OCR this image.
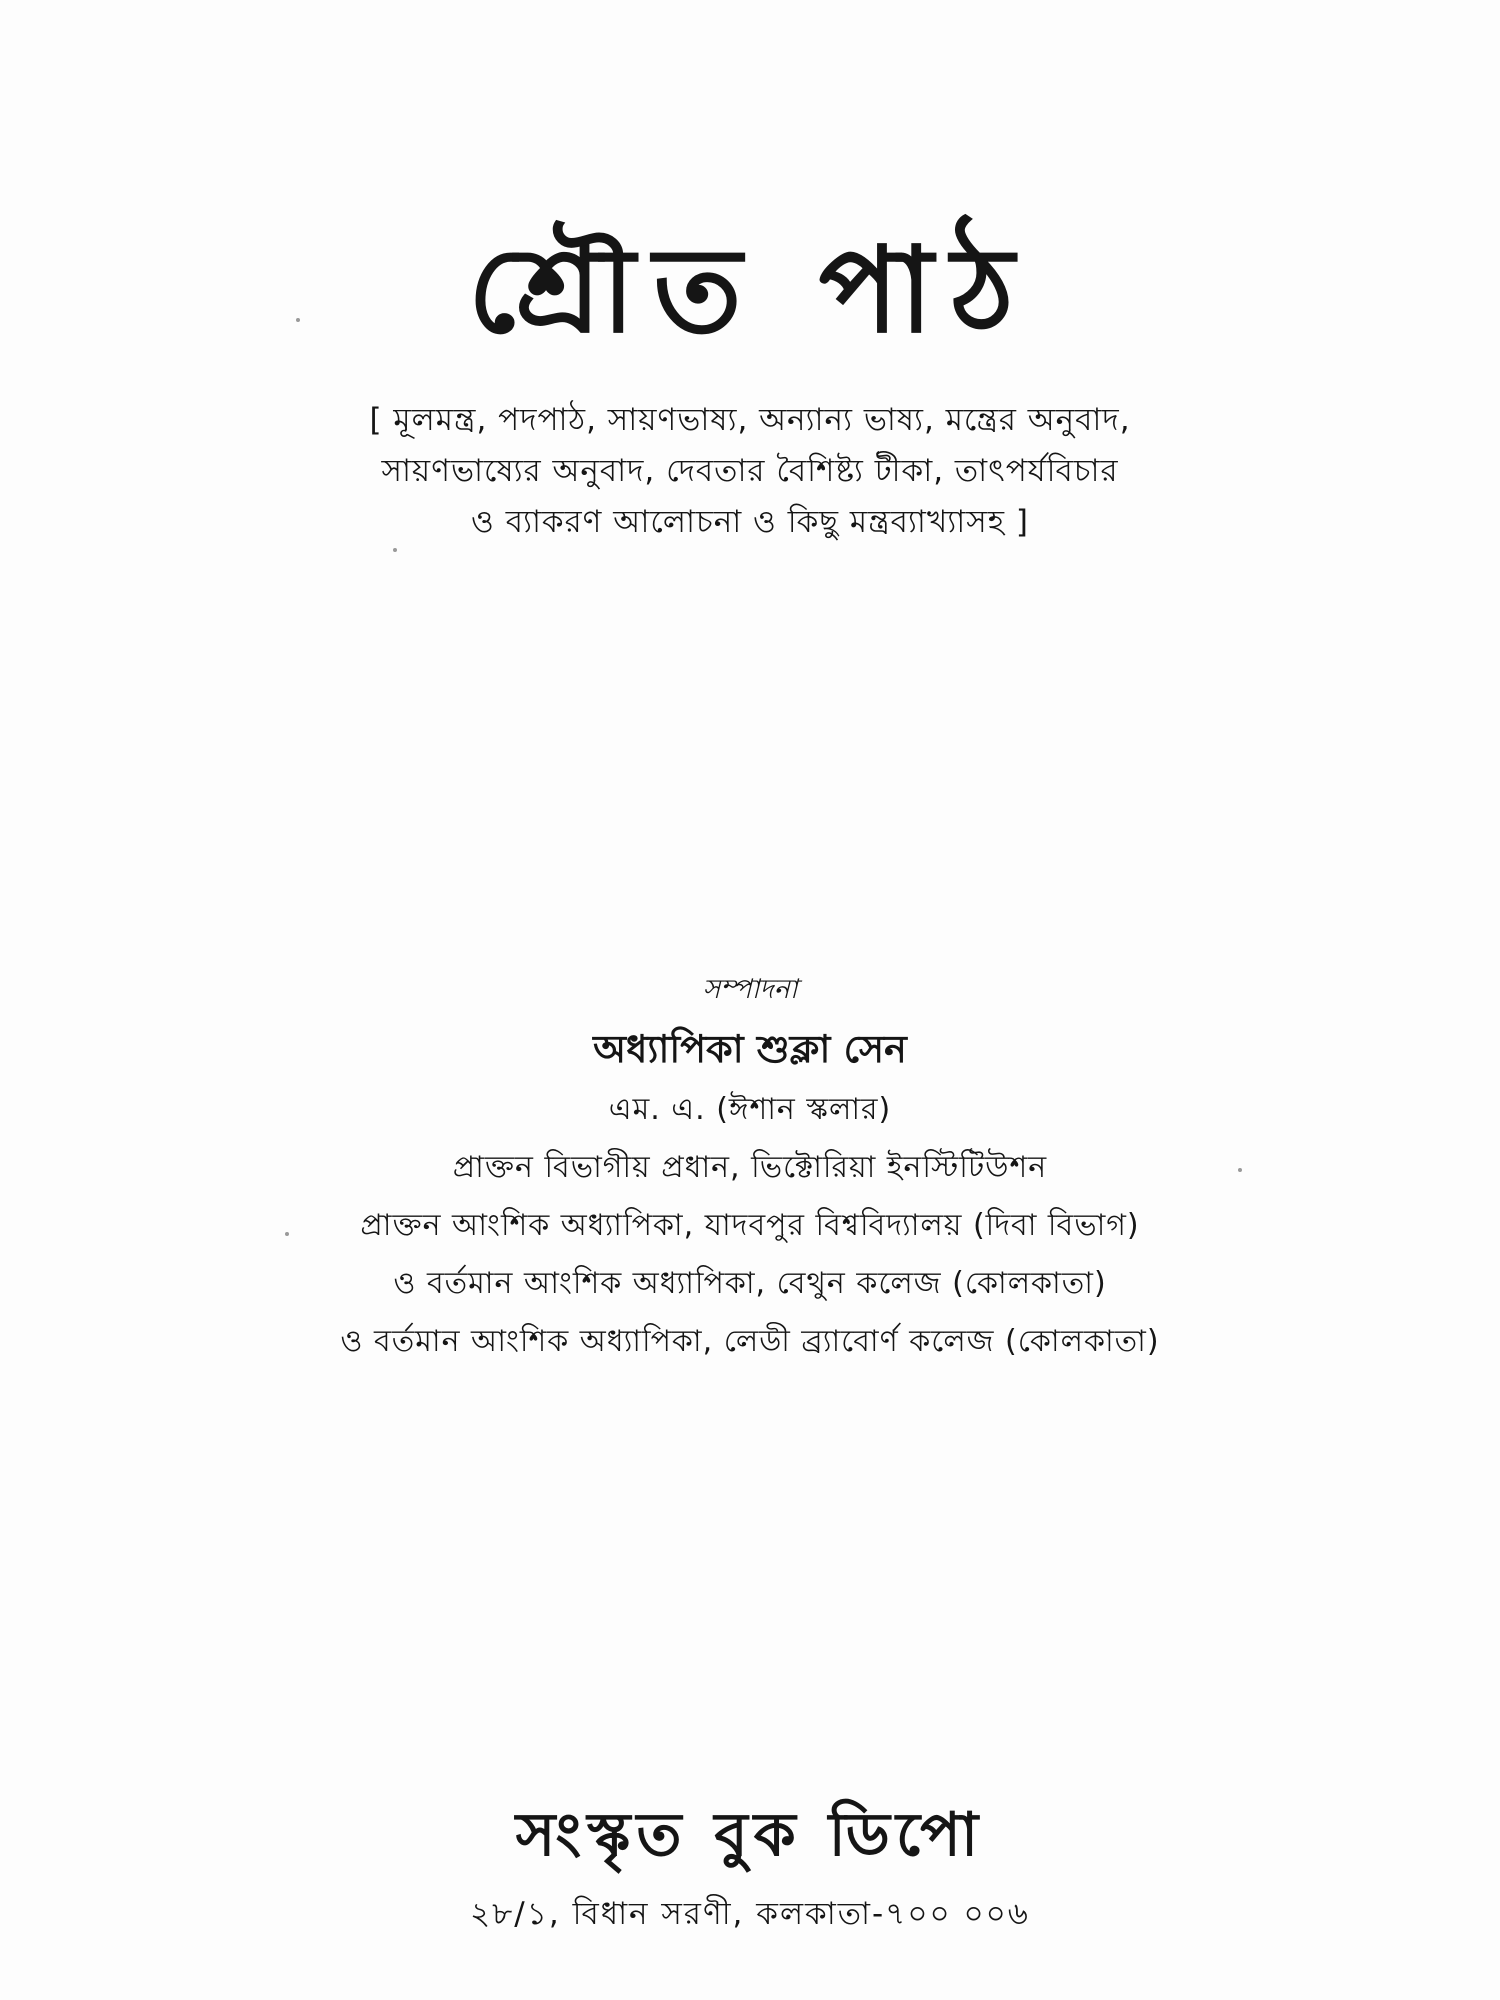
শ্রৌত পাঠ
[ মূলমন্ত্র, পদপাঠ, সায়ণভাষ্য, অন্যান্য ভাষ্য, মন্ত্রের অনুবাদ,
সায়ণভাষ্যের অনুবাদ, দেবতার বৈশিষ্ট্য টীকা, তাৎপর্যবিচার
ও ব্যাকরণ আলোচনা ও কিছু মন্ত্রব্যাখ্যাসহ ]
সম্পাদনা
অধ্যাপিকা শুক্লা সেন
এম. এ. (ঈশান স্কলার)
প্রাক্তন বিভাগীয় প্রধান, ভিক্টোরিয়া ইনস্টিটিউশন
প্রাক্তন আংশিক অধ্যাপিকা, যাদবপুর বিশ্ববিদ্যালয় (দিবা বিভাগ)
ও বর্তমান আংশিক অধ্যাপিকা, বেথুন কলেজ (কোলকাতা)
ও বর্তমান আংশিক অধ্যাপিকা, লেডী ব্র্যাবোর্ণ কলেজ (কোলকাতা)
সংস্কৃত বুক ডিপো
২৮/১, বিধান সরণী, কলকাতা-৭০০ ০০৬
